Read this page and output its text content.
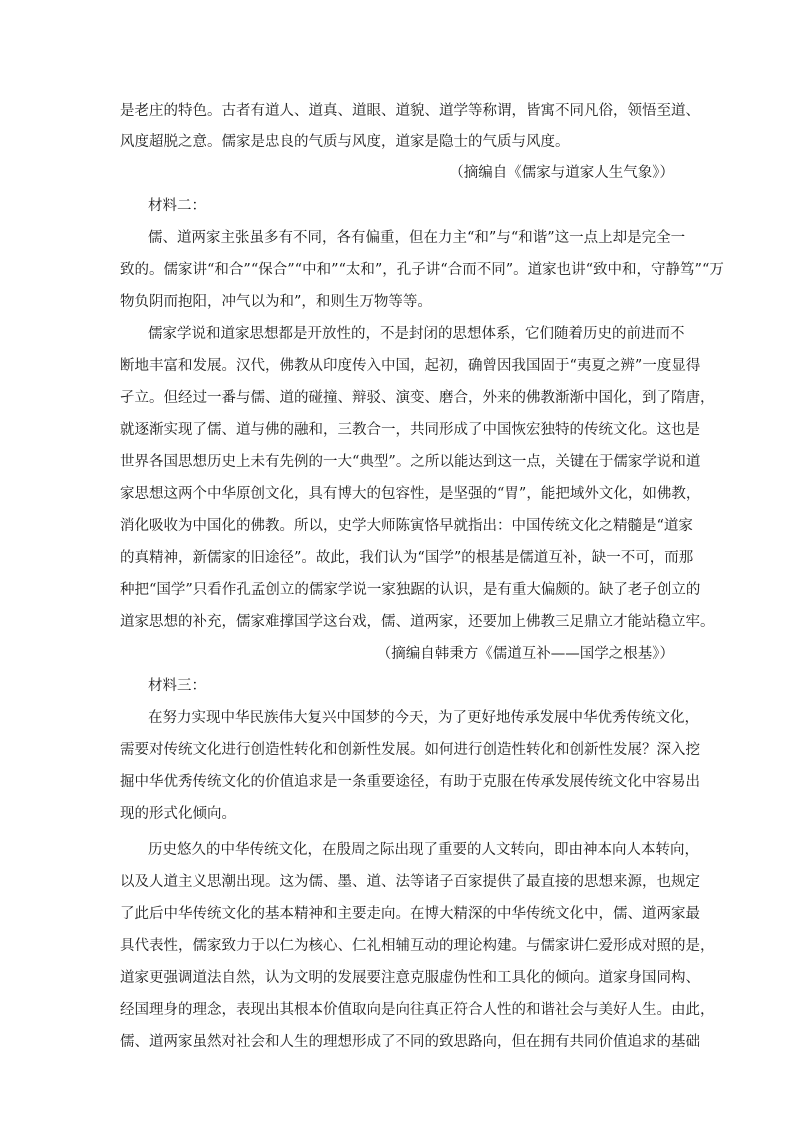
是老庄的特色。古者有道人、道真、道眼、道貌、道学等称谓，皆寓不同凡俗，领悟至道、
风度超脱之意。儒家是忠良的气质与风度，道家是隐士的气质与风度。
（摘编自《儒家与道家人生气象》）
材料二：
儒、道两家主张虽多有不同，各有偏重，但在力主“和”与“和谐”这一点上却是完全一
致的。儒家讲“和合”“保合”“中和”“太和”，孔子讲“合而不同”。道家也讲“致中和，守静笃”“万
物负阴而抱阳，冲气以为和”，和则生万物等等。
儒家学说和道家思想都是开放性的，不是封闭的思想体系，它们随着历史的前进而不
断地丰富和发展。汉代，佛教从印度传入中国，起初，确曾因我国固于“夷夏之辨”一度显得
孑立。但经过一番与儒、道的碰撞、辩驳、演变、磨合，外来的佛教渐渐中国化，到了隋唐，
就逐渐实现了儒、道与佛的融和，三教合一，共同形成了中国恢宏独特的传统文化。这也是
世界各国思想历史上未有先例的一大“典型”。之所以能达到这一点，关键在于儒家学说和道
家思想这两个中华原创文化，具有博大的包容性，是坚强的“胃”，能把域外文化，如佛教，
消化吸收为中国化的佛教。所以，史学大师陈寅恪早就指出：中国传统文化之精髓是“道家
的真精神，新儒家的旧途径”。故此，我们认为“国学”的根基是儒道互补，缺一不可，而那
种把“国学”只看作孔孟创立的儒家学说一家独踞的认识，是有重大偏颇的。缺了老子创立的
道家思想的补充，儒家难撑国学这台戏，儒、道两家，还要加上佛教三足鼎立才能站稳立牢。
（摘编自韩秉方《儒道互补——国学之根基》）
材料三：
在努力实现中华民族伟大复兴中国梦的今天，为了更好地传承发展中华优秀传统文化，
需要对传统文化进行创造性转化和创新性发展。如何进行创造性转化和创新性发展？深入挖
掘中华优秀传统文化的价值追求是一条重要途径，有助于克服在传承发展传统文化中容易出
现的形式化倾向。
历史悠久的中华传统文化，在殷周之际出现了重要的人文转向，即由神本向人本转向，
以及人道主义思潮出现。这为儒、墨、道、法等诸子百家提供了最直接的思想来源，也规定
了此后中华传统文化的基本精神和主要走向。在博大精深的中华传统文化中，儒、道两家最
具代表性，儒家致力于以仁为核心、仁礼相辅互动的理论构建。与儒家讲仁爱形成对照的是，
道家更强调道法自然，认为文明的发展要注意克服虚伪性和工具化的倾向。道家身国同构、
经国理身的理念，表现出其根本价值取向是向往真正符合人性的和谐社会与美好人生。由此，
儒、道两家虽然对社会和人生的理想形成了不同的致思路向，但在拥有共同价值追求的基础
